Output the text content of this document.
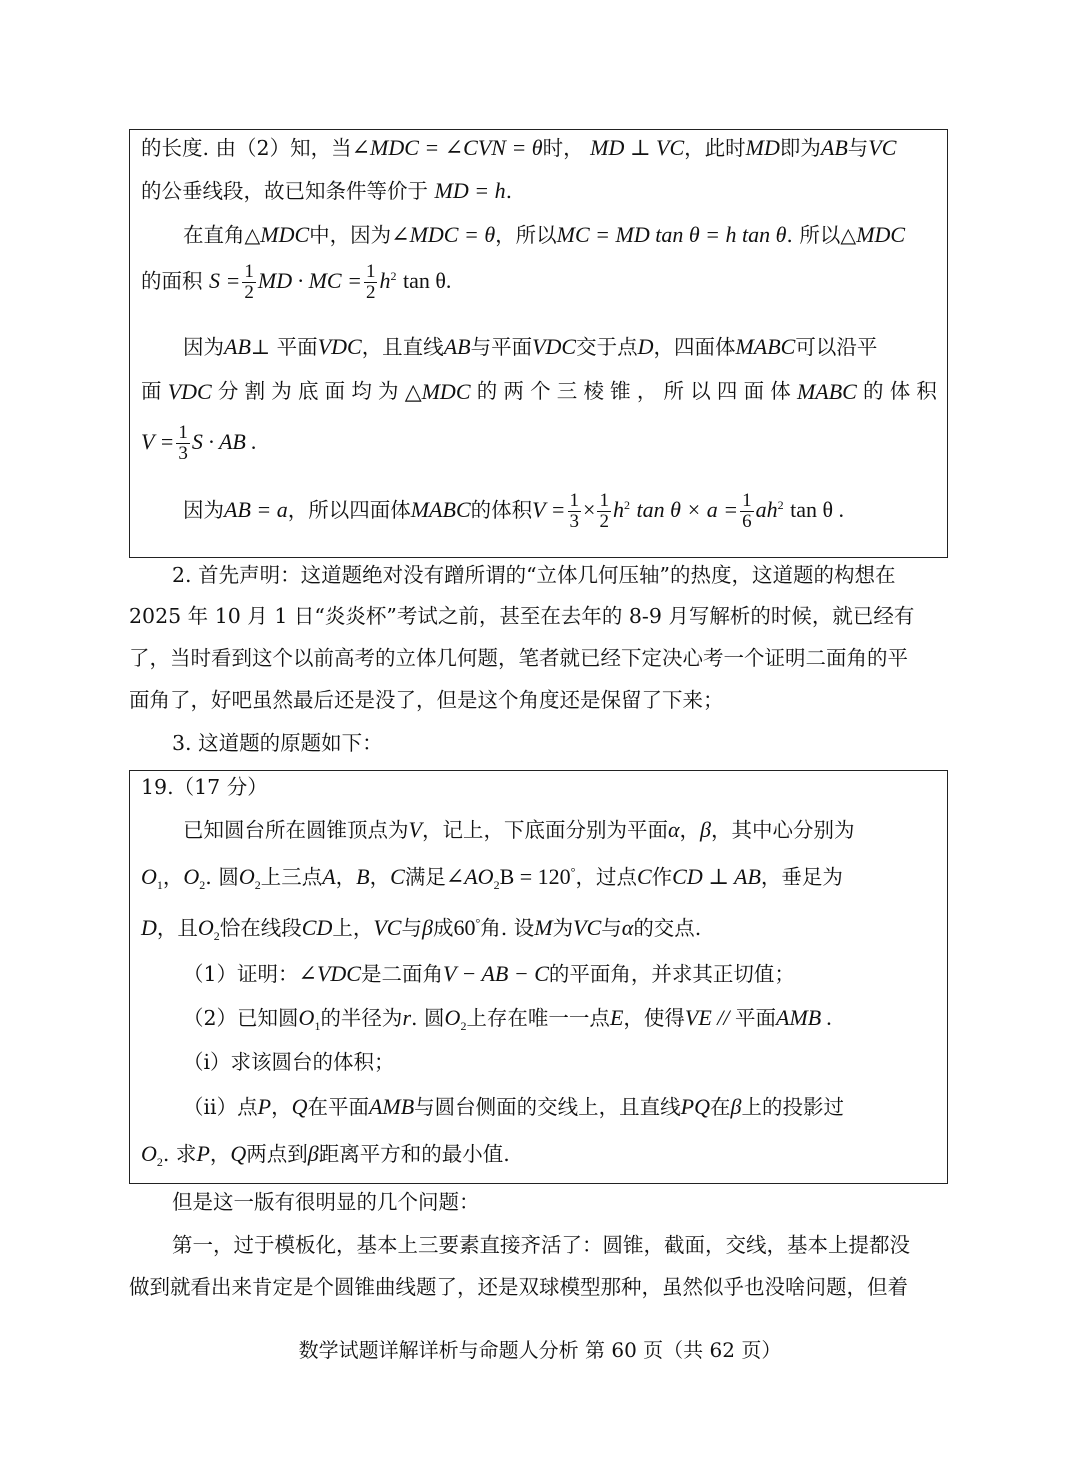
的长度. 由（2）知，当∠MDC = ∠CVN = θ时， MD ⊥ VC，此时MD即为AB与VC
的公垂线段，故已知条件等价于 MD = h.
在直角△MDC中，因为∠MDC = θ，所以MC = MD tan θ = h tan θ. 所以△MDC
的面积 $S = \frac{1}{2}$ MD · MC = $\frac{1}{2} h^2$ tan θ.
因为AB⊥ 平面VDC，且直线AB与平面VDC交于点D，四面体MABC可以沿平
面 VDC 分 割 为 底 面 均 为 △MDC 的 两 个 三 棱 锥 ， 所 以 四 面 体 MABC 的 体 积
$V = \frac{1}{3}$ S · AB .
因为AB = a，所以四面体MABC的体积$V = \frac{1}{3} \times \frac{1}{2} h^2$ $\tan \theta \times a = \frac{1}{6} ah^2$ tan θ .
2. 首先声明：这道题绝对没有蹭所谓的“立体几何压轴”的热度，这道题的构想在
2025 年 10 月 1 日“炎炎杯”考试之前，甚至在去年的 8-9 月写解析的时候，就已经有
了，当时看到这个以前高考的立体几何题，笔者就已经下定决心考一个证明二面角的平
面角了，好吧虽然最后还是没了，但是这个角度还是保留了下来；
3. 这道题的原题如下：
19.（17 分）
已知圆台所在圆锥顶点为V，记上，下底面分别为平面α，β，其中心分别为
$O_1$，$O_2$. 圆$O_2$上三点A，B，C满足$\angle AO_2B = 120^\circ$，过点C作CD ⊥ AB，垂足为
D，且$O_2$恰在线段CD上，VC与β成60°角. 设M为VC与α的交点.
（1）证明：∠VDC是二面角V − AB − C的平面角，并求其正切值；
（2）已知圆$O_1$的半径为r. 圆$O_2$上存在唯一一点E，使得VE // 平面AMB .
（i）求该圆台的体积；
（ii）点P，Q在平面AMB与圆台侧面的交线上，且直线PQ在β上的投影过
$O_2$. 求P，Q两点到β距离平方和的最小值.
但是这一版有很明显的几个问题：
第一，过于模板化，基本上三要素直接齐活了：圆锥，截面，交线，基本上提都没
做到就看出来肯定是个圆锥曲线题了，还是双球模型那种，虽然似乎也没啥问题，但着
数学试题详解详析与命题人分析 第 60 页（共 62 页）
